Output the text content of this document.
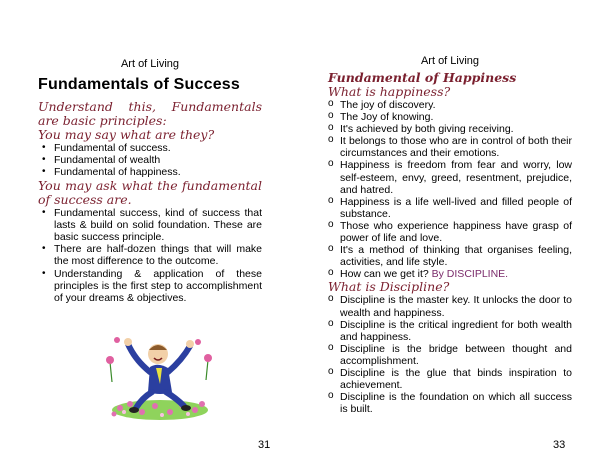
Art of Living
Fundamentals of Success

Understand this, Fundamentals are basic principles:

You may say what are they?

• Fundamental of success.
• Fundamental of wealth
• Fundamental of happiness.

You may ask what the fundamental of success are.

• Fundamental success, kind of success that lasts & build on solid foundation. These are basic success principle.
• There are half-dozen things that will make the most difference to the outcome.
• Understanding & application of these principles is the first step to accomplishment of your dreams & objectives.
31
Art of Living

Fundamental of Happiness

What is happiness?

o The joy of discovery.
o The Joy of knowing.
o It's achieved by both giving receiving.
o It belongs to those who are in control of both their circumstances and their emotions.
o Happiness is freedom from fear and worry, low self-esteem, envy, greed, resentment, prejudice, and hatred.
o Happiness is a life well-lived and filled people of substance.
o Those who experience happiness have grasp of power of life and love.
o It's a method of thinking that organises feeling, activities, and life style.
o How can we get it? By DISCIPLINE.

What is Discipline?

o Discipline is the master key. It unlocks the door to wealth and happiness.
o Discipline is the critical ingredient for both wealth and happiness.
o Discipline is the bridge between thought and accomplishment.
o Discipline is the glue that binds inspiration to achievement.
o Discipline is the foundation on which all success is built.
33
